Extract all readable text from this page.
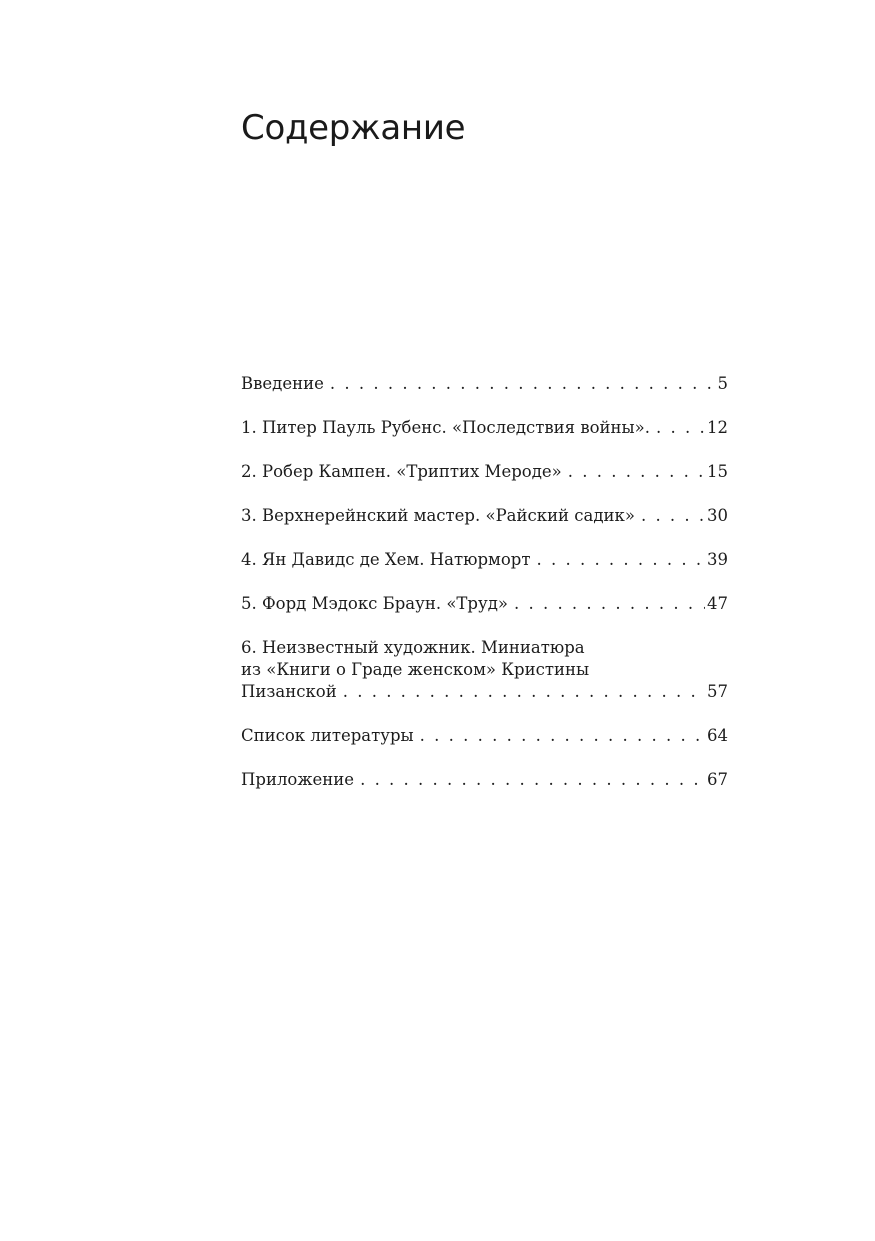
Содержание
Введение . . .	5
1. Питер Пауль Рубенс. «Последствия войны». . . .	12
2. Робер Кампен. «Триптих Мероде» . . .	15
3. Верхнерейнский мастер. «Райский садик» . . .	30
4. Ян Давидс де Хем. Натюрморт . . .	39
5. Форд Мэдокс Браун. «Труд» . . .	47
6. Неизвестный художник. Миниатюра
из «Книги о Граде женском» Кристины
Пизанской . . .	57
Список литературы . . .	64
Приложение . . .	67
